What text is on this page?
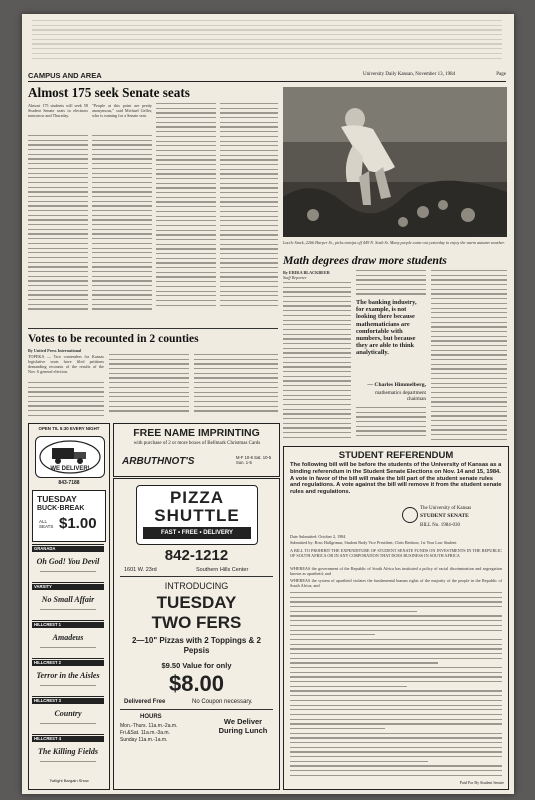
CAMPUS AND AREA	University Daily Kansan, November 13, 1984	Page
Almost 175 seek Senate seats
Almost 175 students will seek 58 Student Senate seats in elections tomorrow and Thursday.
"People at this point are pretty anonymous," said Michael Geller, who is running for a Senate seat.
Lucile Stack, 2266 Harper St., picks turnips off 449 N. Sixth St. Many people came out yesterday to enjoy the warm autumn weather.
Lee Wilson/KANSAN
Math degrees draw more students
By ERIKA BLACKBEER
Staff Reporter
The banking industry, for example, is not looking there because mathematicians are comfortable with numbers, but because they are able to think analytically.
— Charles Himmelberg,
mathematics department chairman
Votes to be recounted in 2 counties
By United Press International
TOPEKA — Two contenders for Kansas legislative seats have filed petitions demanding recounts of the results of the Nov. 6 general election.
OPEN TIL 5:30 EVERY NIGHT
WE DELIVER!
843-7188
TUESDAY
BUCK·BREAK
ALL SEATS $1.00
GRANADA
Oh God! You Devil
VARSITY
No Small Affair
HILLCREST 1
Amadeus
HILLCREST 2
Terror in the Aisles
HILLCREST 3
Country
HILLCREST 4
The Killing Fields
Twilight Bargain Show
FREE NAME IMPRINTING
with purchase of 2 or more boxes of Bellmark Christmas Cards
ARBUTHNOT'S	M-F 10-6 Sat. 10-5 Sun. 1-5
PIZZA
SHUTTLE
FAST • FREE • DELIVERY
842-1212
1601 W. 23rd	Southern Hills Center
INTRODUCING
TUESDAY
TWO FERS
2—10" Pizzas with 2 Toppings & 2 Pepsis
$9.50 Value for only
$8.00
Delivered Free	No Coupon necessary.
HOURS
Mon.-Thurs. 11a.m.-2a.m.
Fri.&Sat. 11a.m.-3a.m.
Sunday 11a.m.-1a.m.
We Deliver During Lunch
STUDENT REFERENDUM
The following bill will be before the students of the University of Kansas as a binding referendum in the Student Senate Elections on Nov. 14 and 15, 1984. A vote in favor of the bill will make the bill part of the student senate rules and regulations. A vote against the bill will remove it from the student senate rules and regulations.
The University of Kansas
STUDENT SENATE
BILL No. 1984-030
Date Submitted: October 2, 1984
Submitted by: Ross Hallgrimur, Student Body Vice President; Chris Benbow, 1st Year Law Student
A BILL TO PROHIBIT THE EXPENDITURE OF STUDENT SENATE FUNDS ON INVESTMENTS IN THE REPUBLIC OF SOUTH AFRICA OR IN ANY CORPORATION THAT DOES BUSINESS IN SOUTH AFRICA
WHEREAS the government of the Republic of South Africa has instituted a policy of racial discrimination and segregation known as apartheid; and
WHEREAS the system of apartheid violates the fundamental human rights of the majority of the people in the Republic of South Africa; and
Paid For By Student Senate
